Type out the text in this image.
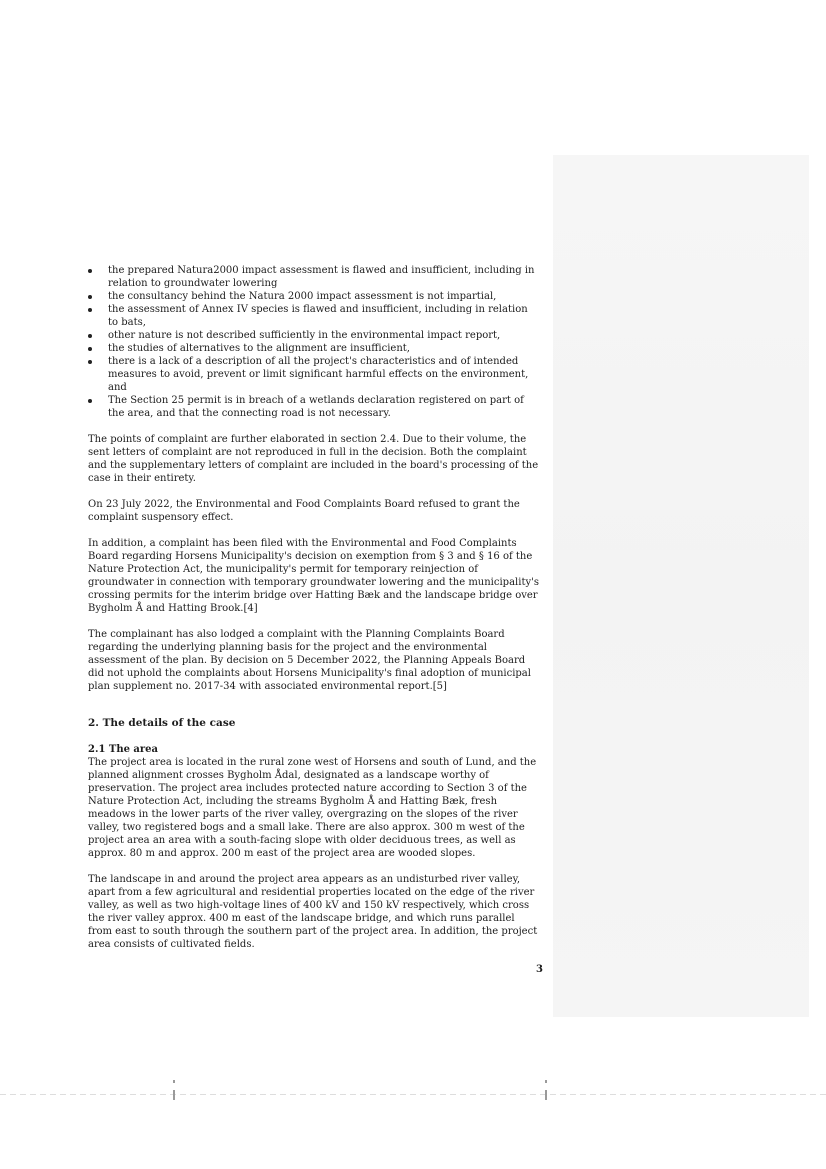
the prepared Natura2000 impact assessment is flawed and insufficient, including in relation to groundwater lowering
the consultancy behind the Natura 2000 impact assessment is not impartial,
the assessment of Annex IV species is flawed and insufficient, including in relation to bats,
other nature is not described sufficiently in the environmental impact report,
the studies of alternatives to the alignment are insufficient,
there is a lack of a description of all the project's characteristics and of intended measures to avoid, prevent or limit significant harmful effects on the environment, and
The Section 25 permit is in breach of a wetlands declaration registered on part of the area, and that the connecting road is not necessary.

The points of complaint are further elaborated in section 2.4. Due to their volume, the sent letters of complaint are not reproduced in full in the decision. Both the complaint and the supplementary letters of complaint are included in the board's processing of the case in their entirety.

On 23 July 2022, the Environmental and Food Complaints Board refused to grant the complaint suspensory effect.

In addition, a complaint has been filed with the Environmental and Food Complaints Board regarding Horsens Municipality's decision on exemption from § 3 and § 16 of the Nature Protection Act, the municipality's permit for temporary reinjection of groundwater in connection with temporary groundwater lowering and the municipality's crossing permits for the interim bridge over Hatting Bæk and the landscape bridge over Bygholm Å and Hatting Brook.[4]

The complainant has also lodged a complaint with the Planning Complaints Board regarding the underlying planning basis for the project and the environmental assessment of the plan. By decision on 5 December 2022, the Planning Appeals Board did not uphold the complaints about Horsens Municipality's final adoption of municipal plan supplement no. 2017-34 with associated environmental report.[5]

2. The details of the case
2.1 The area

The project area is located in the rural zone west of Horsens and south of Lund, and the planned alignment crosses Bygholm Ådal, designated as a landscape worthy of preservation. The project area includes protected nature according to Section 3 of the Nature Protection Act, including the streams Bygholm Å and Hatting Bæk, fresh meadows in the lower parts of the river valley, overgrazing on the slopes of the river valley, two registered bogs and a small lake. There are also approx. 300 m west of the project area an area with a south-facing slope with older deciduous trees, as well as approx. 80 m and approx. 200 m east of the project area are wooded slopes.

The landscape in and around the project area appears as an undisturbed river valley, apart from a few agricultural and residential properties located on the edge of the river valley, as well as two high-voltage lines of 400 kV and 150 kV respectively, which cross the river valley approx. 400 m east of the landscape bridge, and which runs parallel from east to south through the southern part of the project area. In addition, the project area consists of cultivated fields.

3
